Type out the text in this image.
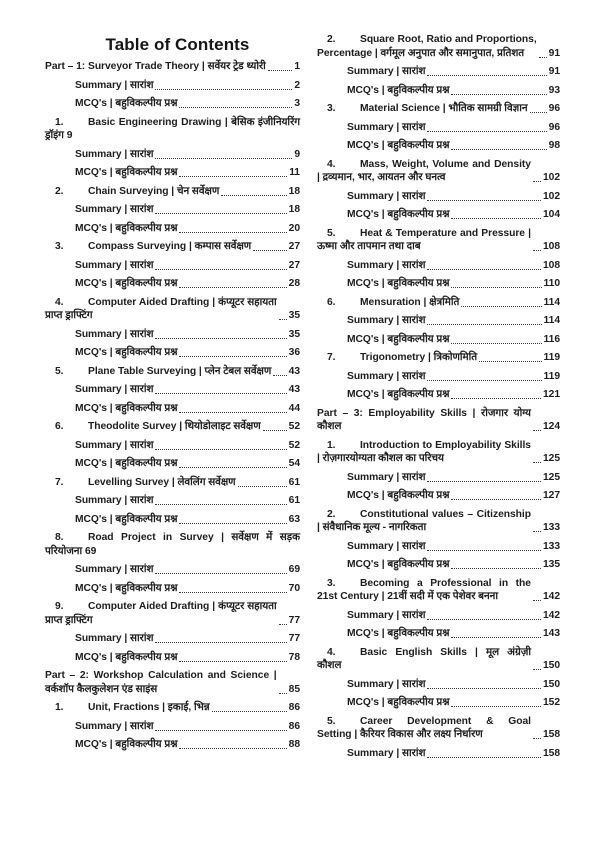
Table of Contents
Part – 1: Surveyor Trade Theory | सर्वेयर ट्रेड थ्योरी	1
Summary | सारांश	2
MCQ's | बहुविकल्पीय प्रश्न	3
1. Basic Engineering Drawing | बेसिक इंजीनियरिंग ड्रॉइंग 9
Summary | सारांश	9
MCQ's | बहुविकल्पीय प्रश्न	11
2. Chain Surveying | चेन सर्वेक्षण	18
Summary | सारांश	18
MCQ's | बहुविकल्पीय प्रश्न	20
3. Compass Surveying | कम्पास सर्वेक्षण	27
Summary | सारांश	27
MCQ's | बहुविकल्पीय प्रश्न	28
4. Computer Aided Drafting | कंप्यूटर सहायता प्राप्त ड्राफ्टिंग	35
Summary | सारांश	35
MCQ's | बहुविकल्पीय प्रश्न	36
5. Plane Table Surveying | प्लेन टेबल सर्वेक्षण 43
Summary | सारांश	43
MCQ's | बहुविकल्पीय प्रश्न	44
6. Theodolite Survey | थियोडोलाइट सर्वेक्षण	52
Summary | सारांश	52
MCQ's | बहुविकल्पीय प्रश्न	54
7. Levelling Survey | लेवलिंग सर्वेक्षण	61
Summary | सारांश	61
MCQ's | बहुविकल्पीय प्रश्न	63
8. Road Project in Survey | सर्वेक्षण में सड़क परियोजना 69
Summary | सारांश	69
MCQ's | बहुविकल्पीय प्रश्न	70
9. Computer Aided Drafting | कंप्यूटर सहायता प्राप्त ड्राफ्टिंग	77
Summary | सारांश	77
MCQ's | बहुविकल्पीय प्रश्न	78
Part – 2: Workshop Calculation and Science | वर्कशॉप कैलकुलेशन एंड साइंस	85
1. Unit, Fractions | इकाई, भिन्न	86
Summary | सारांश	86
MCQ's | बहुविकल्पीय प्रश्न	88
2. Square Root, Ratio and Proportions, Percentage | वर्गमूल अनुपात और समानुपात, प्रतिशत	91
Summary | सारांश	91
MCQ's | बहुविकल्पीय प्रश्न	93
3. Material Science | भौतिक सामग्री विज्ञान 96
Summary | सारांश	96
MCQ's | बहुविकल्पीय प्रश्न	98
4. Mass, Weight, Volume and Density | द्रव्यमान, भार, आयतन और घनत्व	102
Summary | सारांश	102
MCQ's | बहुविकल्पीय प्रश्न	104
5. Heat & Temperature and Pressure | ऊष्मा और तापमान तथा दाब	108
Summary | सारांश	108
MCQ's | बहुविकल्पीय प्रश्न	110
6. Mensuration | क्षेत्रमिति	114
Summary | सारांश	114
MCQ's | बहुविकल्पीय प्रश्न	116
7. Trigonometry | त्रिकोणमिति	119
Summary | सारांश	119
MCQ's | बहुविकल्पीय प्रश्न	121
Part – 3: Employability Skills | रोजगार योग्य कौशल	124
1. Introduction to Employability Skills | रोज़गारयोग्यता कौशल का परिचय	125
Summary | सारांश	125
MCQ's | बहुविकल्पीय प्रश्न	127
2. Constitutional values – Citizenship | संवैधानिक मूल्य - नागरिकता	133
Summary | सारांश	133
MCQ's | बहुविकल्पीय प्रश्न	135
3. Becoming a Professional in the 21st Century | 21वीं सदी में एक पेशेवर बनना	142
Summary | सारांश	142
MCQ's | बहुविकल्पीय प्रश्न	143
4. Basic English Skills | मूल अंग्रेज़ी कौशल	150
Summary | सारांश	150
MCQ's | बहुविकल्पीय प्रश्न	152
5. Career Development & Goal Setting | कैरियर विकास और लक्ष्य निर्धारण	158
Summary | सारांश	158
